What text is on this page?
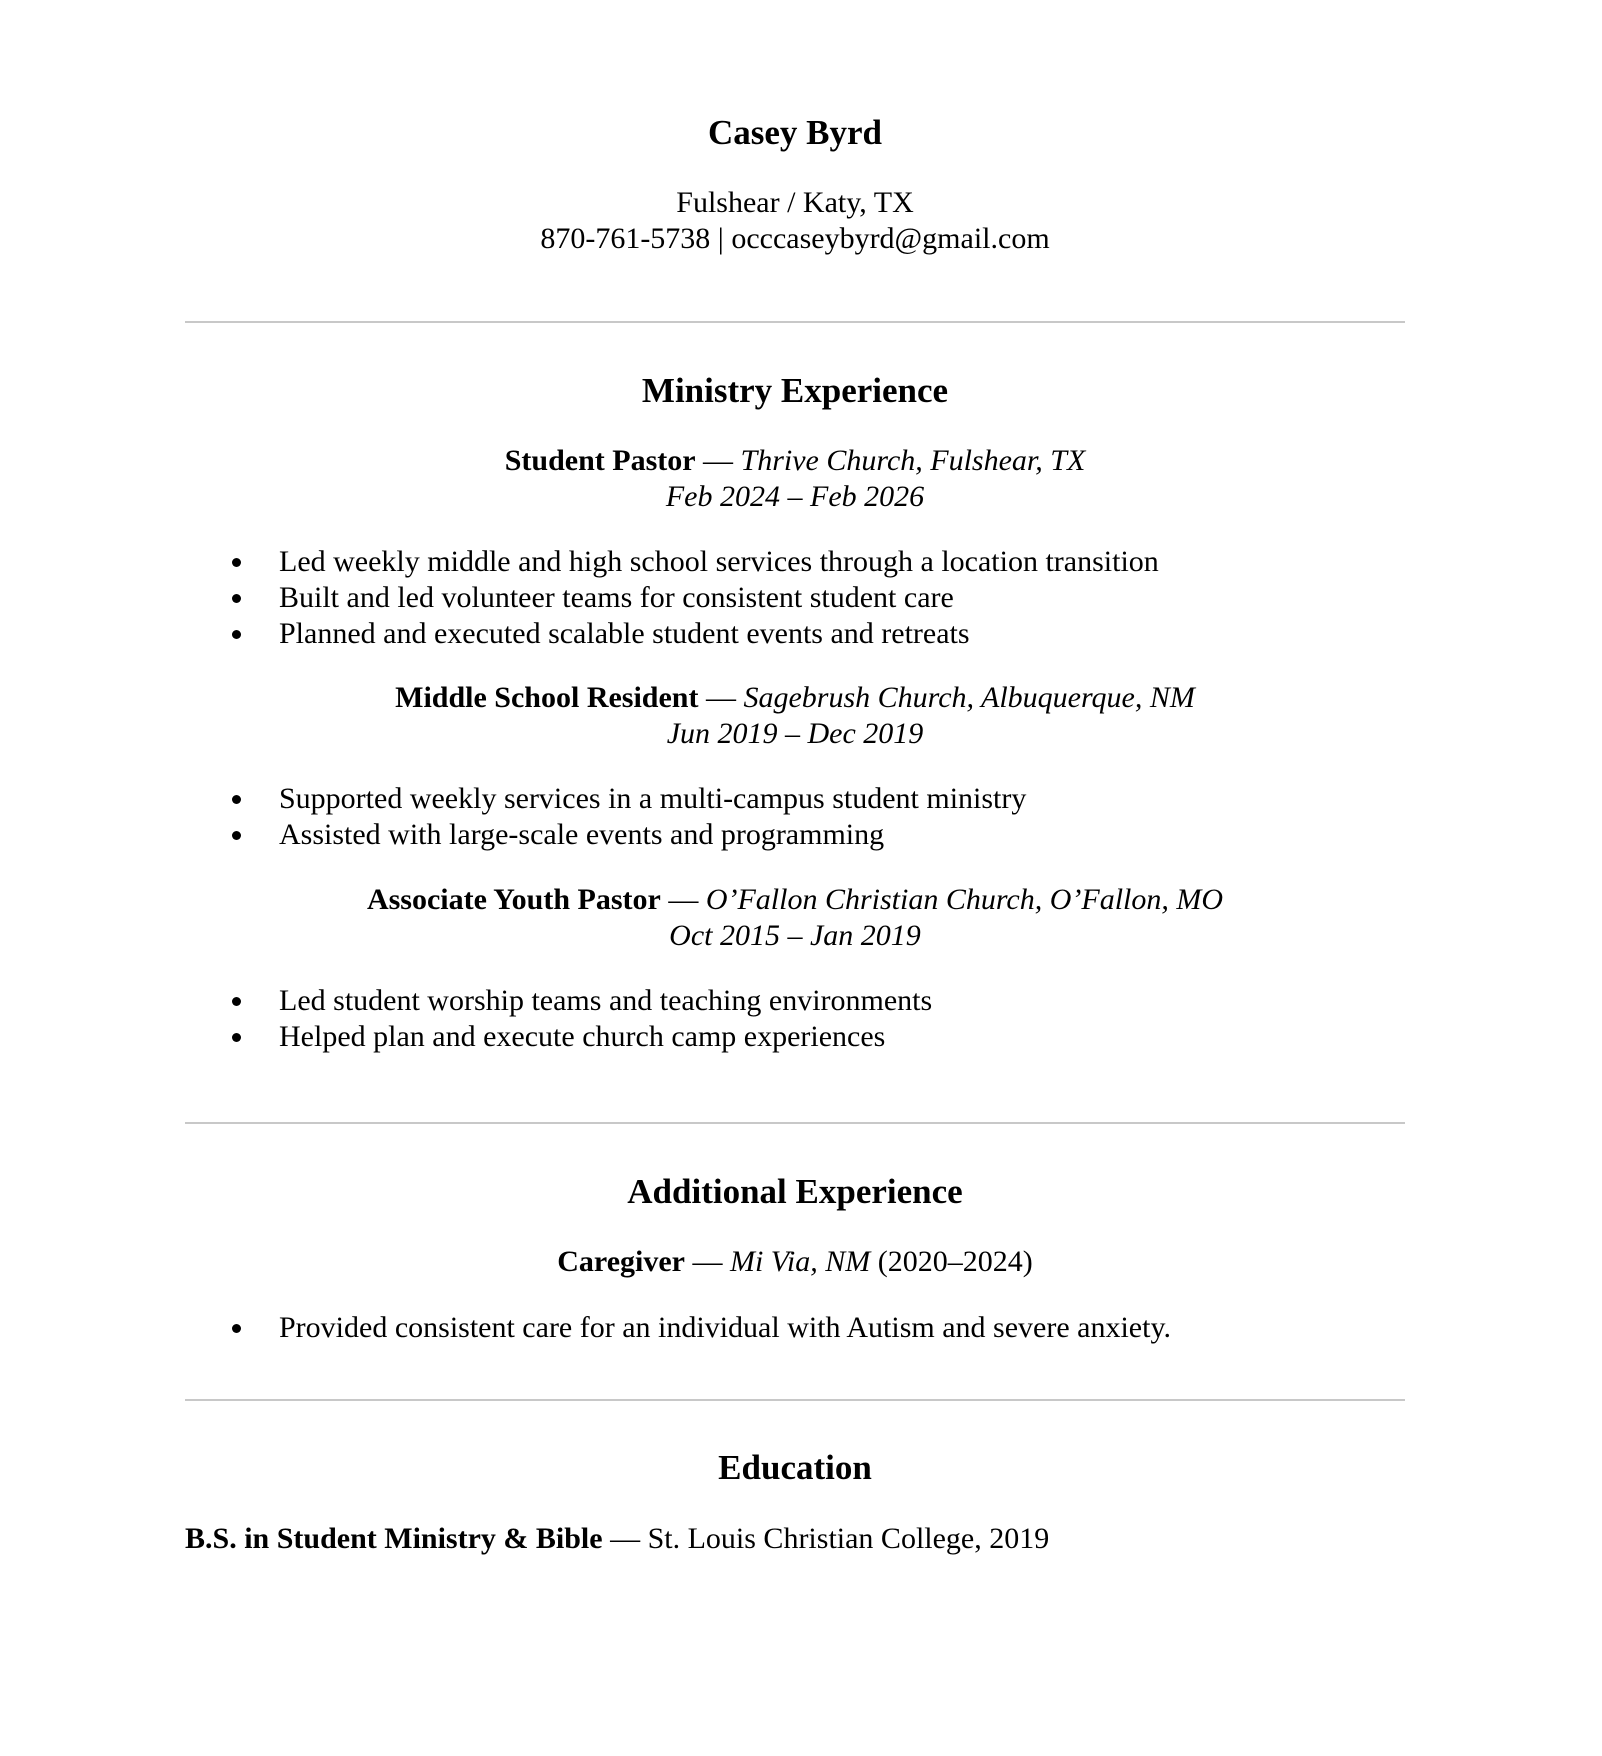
Casey Byrd
Fulshear / Katy, TX
870-761-5738 | occcaseybyrd@gmail.com
Ministry Experience
Student Pastor — Thrive Church, Fulshear, TX
Feb 2024 – Feb 2026
Led weekly middle and high school services through a location transition
Built and led volunteer teams for consistent student care
Planned and executed scalable student events and retreats
Middle School Resident — Sagebrush Church, Albuquerque, NM
Jun 2019 – Dec 2019
Supported weekly services in a multi-campus student ministry
Assisted with large-scale events and programming
Associate Youth Pastor — O’Fallon Christian Church, O’Fallon, MO
Oct 2015 – Jan 2019
Led student worship teams and teaching environments
Helped plan and execute church camp experiences
Additional Experience
Caregiver — Mi Via, NM (2020–2024)
Provided consistent care for an individual with Autism and severe anxiety.
Education
B.S. in Student Ministry & Bible — St. Louis Christian College, 2019
